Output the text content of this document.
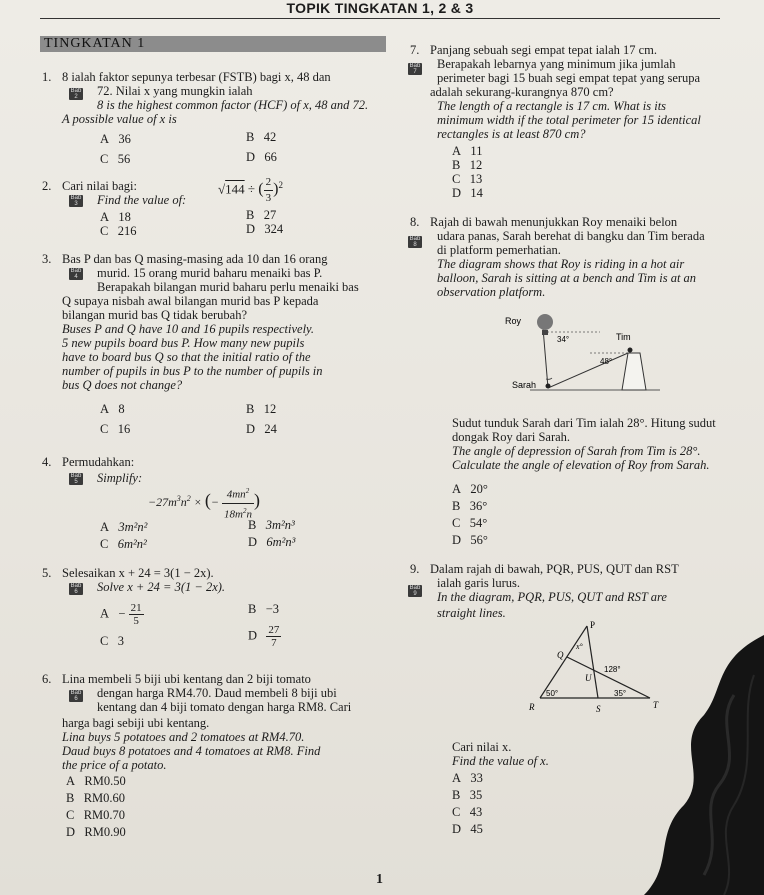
TOPIK TINGKATAN 1, 2 & 3
TINGKATAN 1
1. 8 ialah faktor sepunya terbesar (FSTB) bagi x, 48 dan
Bab
2	72. Nilai x yang mungkin ialah
8 is the highest common factor (HCF) of x, 48 and 72.
A possible value of x is
A 36	B 42
C 56	D 66
2. Cari nilai bagi:
Bab
3	Find the value of:
√144 ÷ ( $\frac{2}{3} )^2$
A 18	B 27
C 216	D 324
3. Bas P dan bas Q masing-masing ada 10 dan 16 orang
Bab
4	murid. 15 orang murid baharu menaiki bas P.
Berapakah bilangan murid baharu perlu menaiki bas
Q supaya nisbah awal bilangan murid bas P kepada
bilangan murid bas Q tidak berubah?
Buses P and Q have 10 and 16 pupils respectively.
5 new pupils board bus P. How many new pupils
have to board bus Q so that the initial ratio of the
number of pupils in bus P to the number of pupils in
bus Q does not change?
A 8	B 12
C 16	D 24
4. Permudahkan:
Bab
5	Simplify:
$-27m^3n^2$ × (− $\frac{4mn^2}{18m^2n}$ )
A 3m²n²	B 3m²n³
C 6m²n²	D 6m²n³
5. Selesaikan x + 24 = 3(1 − 2x).
Bab
6	Solve x + 24 = 3(1 − 2x).
$A - \frac{21}{5}$	B −3
C 3	D $\frac{27}{7}$
6. Lina membeli 5 biji ubi kentang dan 2 biji tomato
Bab
6	dengan harga RM4.70. Daud membeli 8 biji ubi
kentang dan 4 biji tomato dengan harga RM8. Cari
harga bagi sebiji ubi kentang.
Lina buys 5 potatoes and 2 tomatoes at RM4.70.
Daud buys 8 potatoes and 4 tomatoes at RM8. Find
the price of a potato.
A RM0.50
B RM0.60
C RM0.70
D RM0.90
7. Panjang sebuah segi empat tepat ialah 17 cm.
Bab
7
Berapakah lebarnya yang minimum jika jumlah
perimeter bagi 15 buah segi empat tepat yang serupa
adalah sekurang-kurangnya 870 cm?
The length of a rectangle is 17 cm. What is its
minimum width if the total perimeter for 15 identical
rectangles is at least 870 cm?
A 11
B 12
C 13
D 14
8. Rajah di bawah menunjukkan Roy menaiki belon
Bab
8
udara panas, Sarah berehat di bangku dan Tim berada
di platform pemerhatian.
The diagram shows that Roy is riding in a hot air
balloon, Sarah is sitting at a bench and Tim is at an
observation platform.
Roy
34°	Tim
48°
Sarah
Sudut tunduk Sarah dari Tim ialah 28°. Hitung sudut
dongak Roy dari Sarah.
The angle of depression of Sarah from Tim is 28°.
Calculate the angle of elevation of Roy from Sarah.
A 20°
B 36°
C 54°
D 56°
9. Dalam rajah di bawah, PQR, PUS, QUT dan RST
Bab
9
ialah garis lurus.
In the diagram, PQR, PUS, QUT and RST are
straight lines.
P
Q
R	S	T
U
x°
128°
50°	35°
Cari nilai x.
Find the value of x.
A 33
B 35
C 43
D 45
1
